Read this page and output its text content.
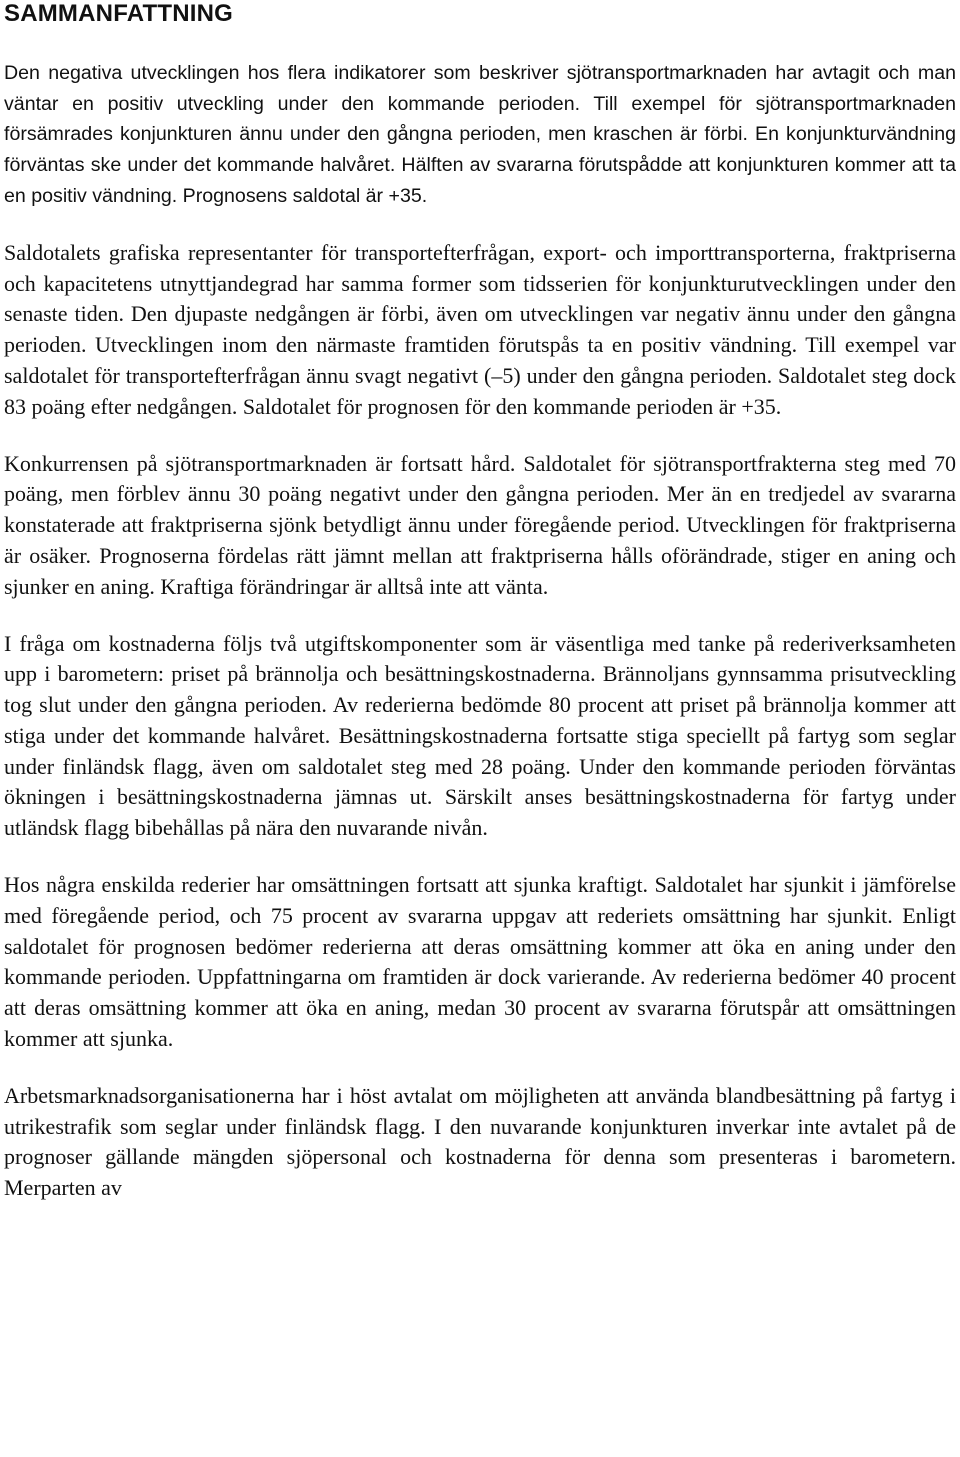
SAMMANFATTNING

Den negativa utvecklingen hos flera indikatorer som beskriver sjötransportmarknaden har avtagit och man väntar en positiv utveckling under den kommande perioden. Till exempel för sjötransportmarknaden försämrades konjunkturen ännu under den gångna perioden, men kraschen är förbi. En konjunkturvändning förväntas ske under det kommande halvåret. Hälften av svararna förutspådde att konjunkturen kommer att ta en positiv vändning. Prognosens saldotal är +35.

Saldotalets grafiska representanter för transportefterfrågan, export- och importtransporterna, fraktpriserna och kapacitetens utnyttjandegrad har samma former som tidsserien för konjunkturutvecklingen under den senaste tiden. Den djupaste nedgången är förbi, även om utvecklingen var negativ ännu under den gångna perioden. Utvecklingen inom den närmaste framtiden förutspås ta en positiv vändning. Till exempel var saldotalet för transportefterfrågan ännu svagt negativt (–5) under den gångna perioden. Saldotalet steg dock 83 poäng efter nedgången. Saldotalet för prognosen för den kommande perioden är +35.

Konkurrensen på sjötransportmarknaden är fortsatt hård. Saldotalet för sjötransportfrakterna steg med 70 poäng, men förblev ännu 30 poäng negativt under den gångna perioden. Mer än en tredjedel av svararna konstaterade att fraktpriserna sjönk betydligt ännu under föregående period. Utvecklingen för fraktpriserna är osäker. Prognoserna fördelas rätt jämnt mellan att fraktpriserna hålls oförändrade, stiger en aning och sjunker en aning. Kraftiga förändringar är alltså inte att vänta.

I fråga om kostnaderna följs två utgiftskomponenter som är väsentliga med tanke på rederiverksamheten upp i barometern: priset på brännolja och besättningskostnaderna. Brännoljans gynnsamma prisutveckling tog slut under den gångna perioden. Av rederierna bedömde 80 procent att priset på brännolja kommer att stiga under det kommande halvåret. Besättningskostnaderna fortsatte stiga speciellt på fartyg som seglar under finländsk flagg, även om saldotalet steg med 28 poäng. Under den kommande perioden förväntas ökningen i besättningskostnaderna jämnas ut. Särskilt anses besättningskostnaderna för fartyg under utländsk flagg bibehållas på nära den nuvarande nivån.

Hos några enskilda rederier har omsättningen fortsatt att sjunka kraftigt. Saldotalet har sjunkit i jämförelse med föregående period, och 75 procent av svararna uppgav att rederiets omsättning har sjunkit. Enligt saldotalet för prognosen bedömer rederierna att deras omsättning kommer att öka en aning under den kommande perioden. Uppfattningarna om framtiden är dock varierande. Av rederierna bedömer 40 procent att deras omsättning kommer att öka en aning, medan 30 procent av svararna förutspår att omsättningen kommer att sjunka.

Arbetsmarknadsorganisationerna har i höst avtalat om möjligheten att använda blandbesättning på fartyg i utrikestrafik som seglar under finländsk flagg. I den nuvarande konjunkturen inverkar inte avtalet på de prognoser gällande mängden sjöpersonal och kostnaderna för denna som presenteras i barometern. Merparten av
